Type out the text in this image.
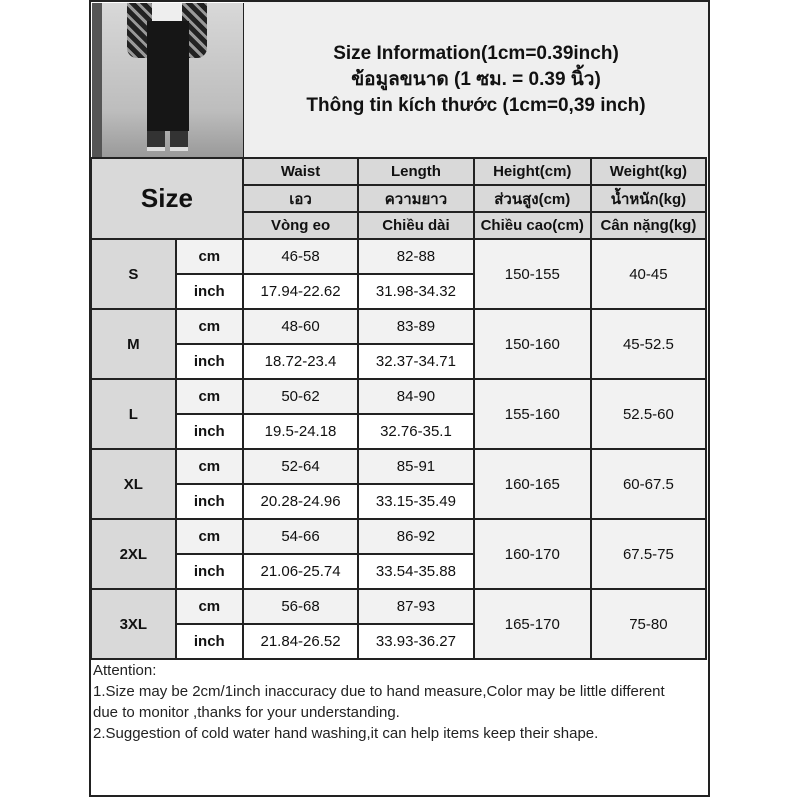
Size Information(1cm=0.39inch)
ข้อมูลขนาด (1 ซม. = 0.39 นิ้ว)
Thông tin kích thước (1cm=0,39 inch)
Size		Waist	Length	Height(cm)	Weight(kg)
		เอว	ความยาว	ส่วนสูง(cm)	น้ำหนัก(kg)
		Vòng eo	Chiều dài	Chiều cao(cm)	Cân nặng(kg)
S	cm	46-58	82-88	150-155	40-45
	inch	17.94-22.62	31.98-34.32		
M	cm	48-60	83-89	150-160	45-52.5
	inch	18.72-23.4	32.37-34.71		
L	cm	50-62	84-90	155-160	52.5-60
	inch	19.5-24.18	32.76-35.1		
XL	cm	52-64	85-91	160-165	60-67.5
	inch	20.28-24.96	33.15-35.49		
2XL	cm	54-66	86-92	160-170	67.5-75
	inch	21.06-25.74	33.54-35.88		
3XL	cm	56-68	87-93	165-170	75-80
	inch	21.84-26.52	33.93-36.27		
Attention:
1.Size may be 2cm/1inch inaccuracy due to hand measure,Color may be little different due to monitor ,thanks for your understanding.
2.Suggestion of cold water hand washing,it can help items keep their shape.
